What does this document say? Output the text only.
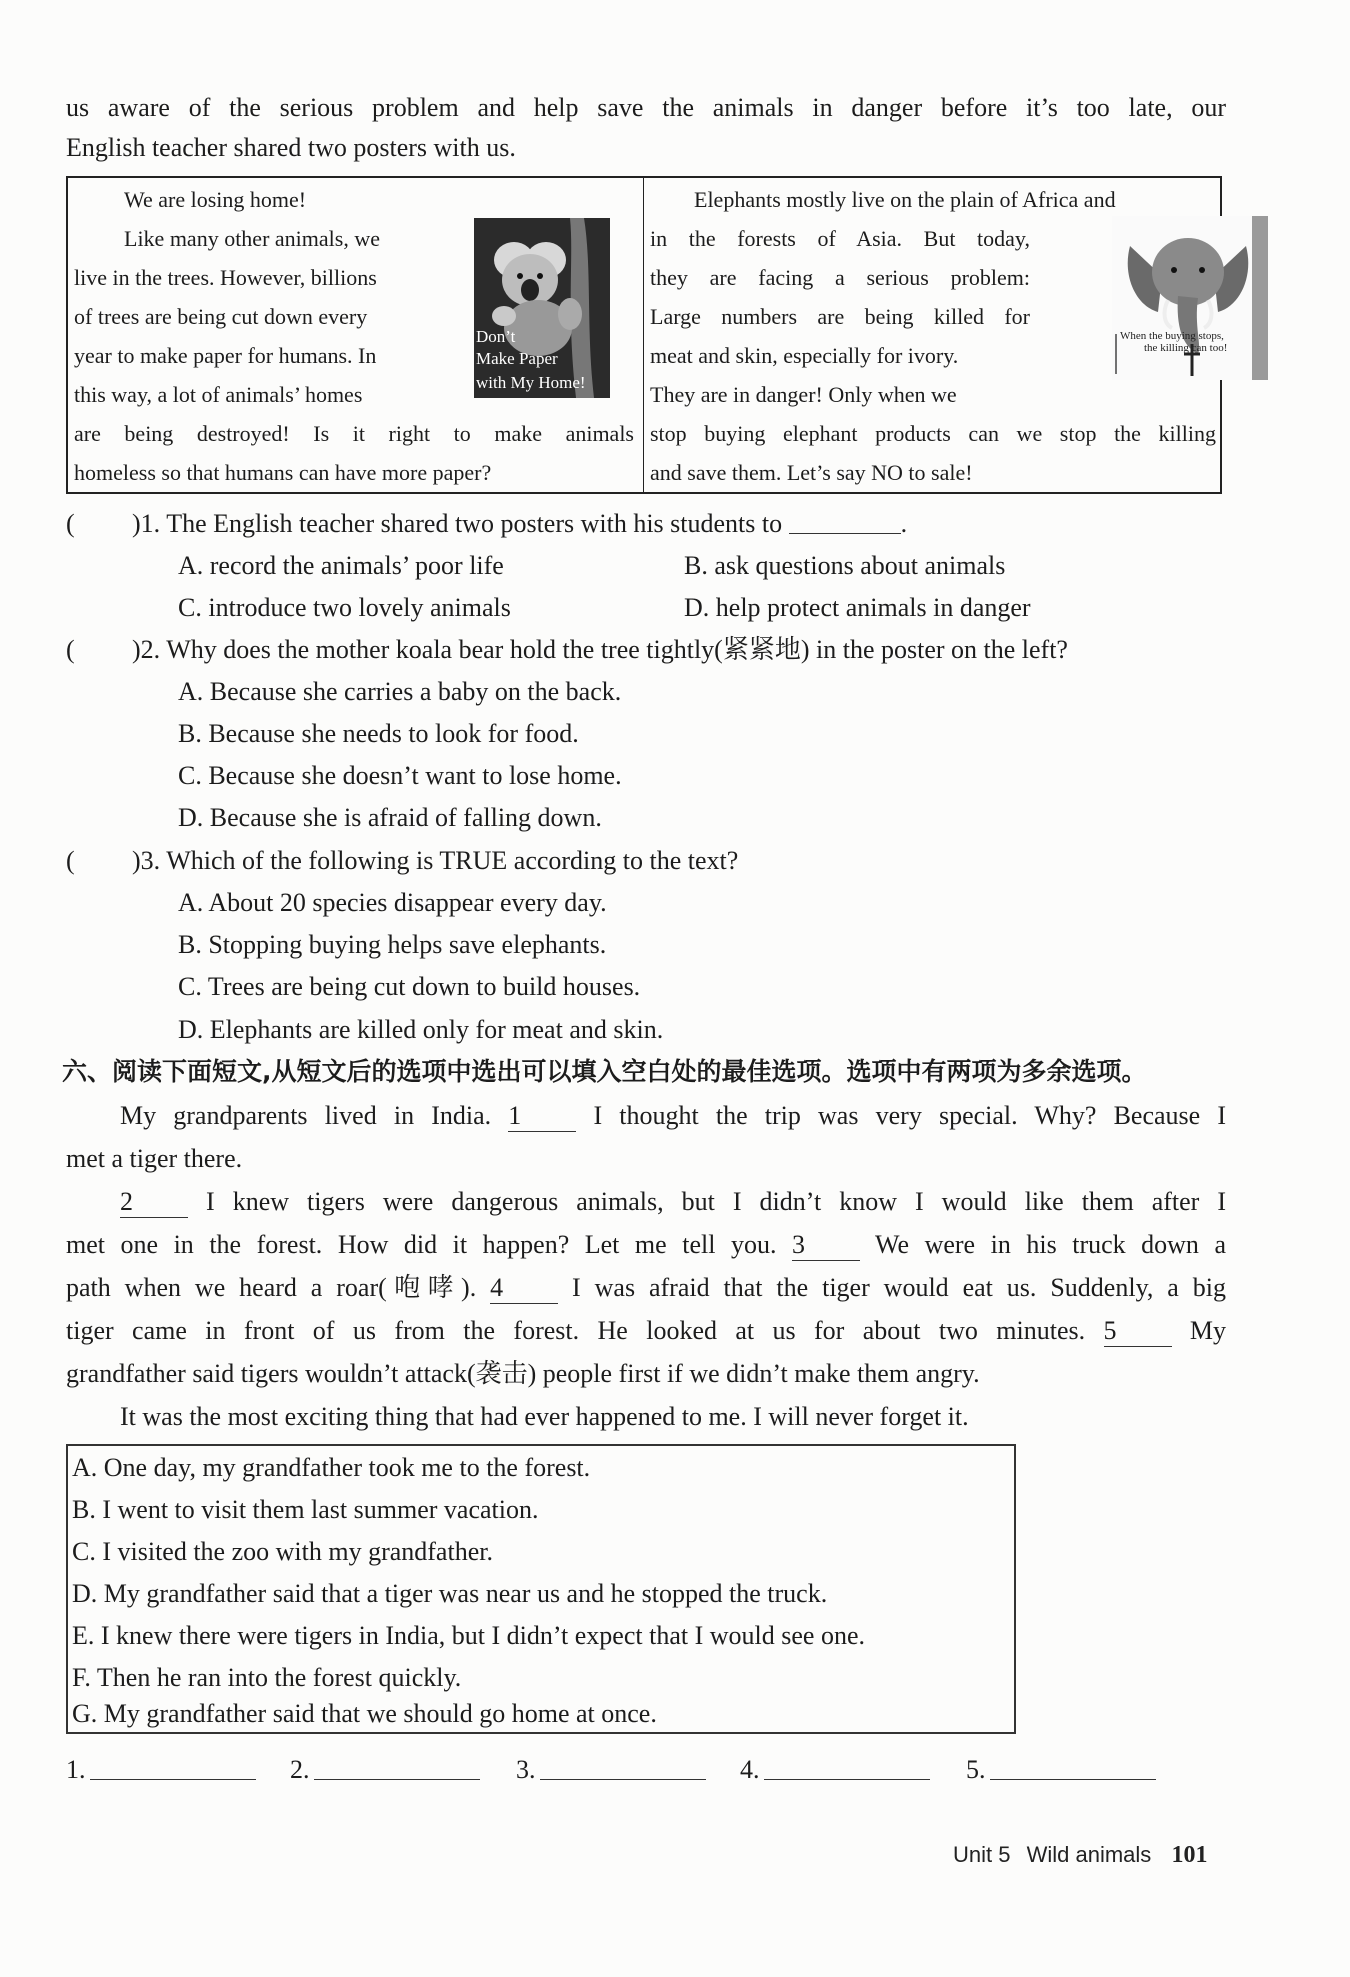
us aware of the serious problem and help save the animals in danger before it’s too late, our
English teacher shared two posters with us.
We are losing home!
Like many other animals, we
live in the trees. However, billions
of trees are being cut down every
year to make paper for humans. In
this way, a lot of animals’ homes
are being destroyed! Is it right to make animals
homeless so that humans can have more paper?
Don’t
Make Paper
with My Home!
Elephants mostly live on the plain of Africa and
in the forests of Asia. But today,
they are facing a serious problem:
Large numbers are being killed for
meat and skin, especially for ivory.
They are in danger! Only when we
stop buying elephant products can we stop the killing
and save them. Let’s say NO to sale!
When the buying stops,
the killing can too!
( )1. The English teacher shared two posters with his students to	.
A. record the animals’ poor life	B. ask questions about animals
C. introduce two lovely animals	D. help protect animals in danger
( )2. Why does the mother koala bear hold the tree tightly(紧紧地) in the poster on the left?
A. Because she carries a baby on the back.
B. Because she needs to look for food.
C. Because she doesn’t want to lose home.
D. Because she is afraid of falling down.
( )3. Which of the following is TRUE according to the text?
A. About 20 species disappear every day.
B. Stopping buying helps save elephants.
C. Trees are being cut down to build houses.
D. Elephants are killed only for meat and skin.
六、阅读下面短文,从短文后的选项中选出可以填入空白处的最佳选项。选项中有两项为多余选项。
My grandparents lived in India. 1	I thought the trip was very special. Why? Because I
met a tiger there.
2	I knew tigers were dangerous animals, but I didn’t know I would like them after I
met one in the forest. How did it happen? Let me tell you. 3	We were in his truck down a
path when we heard a roar(咆哮). 4	I was afraid that the tiger would eat us. Suddenly, a big
tiger came in front of us from the forest. He looked at us for about two minutes. 5	My
grandfather said tigers wouldn’t attack(袭击) people first if we didn’t make them angry.
It was the most exciting thing that had ever happened to me. I will never forget it.
A. One day, my grandfather took me to the forest.
B. I went to visit them last summer vacation.
C. I visited the zoo with my grandfather.
D. My grandfather said that a tiger was near us and he stopped the truck.
E. I knew there were tigers in India, but I didn’t expect that I would see one.
F. Then he ran into the forest quickly.
G. My grandfather said that we should go home at once.
1.	2.	3.	4.	5.
Unit 5 Wild animals 101
